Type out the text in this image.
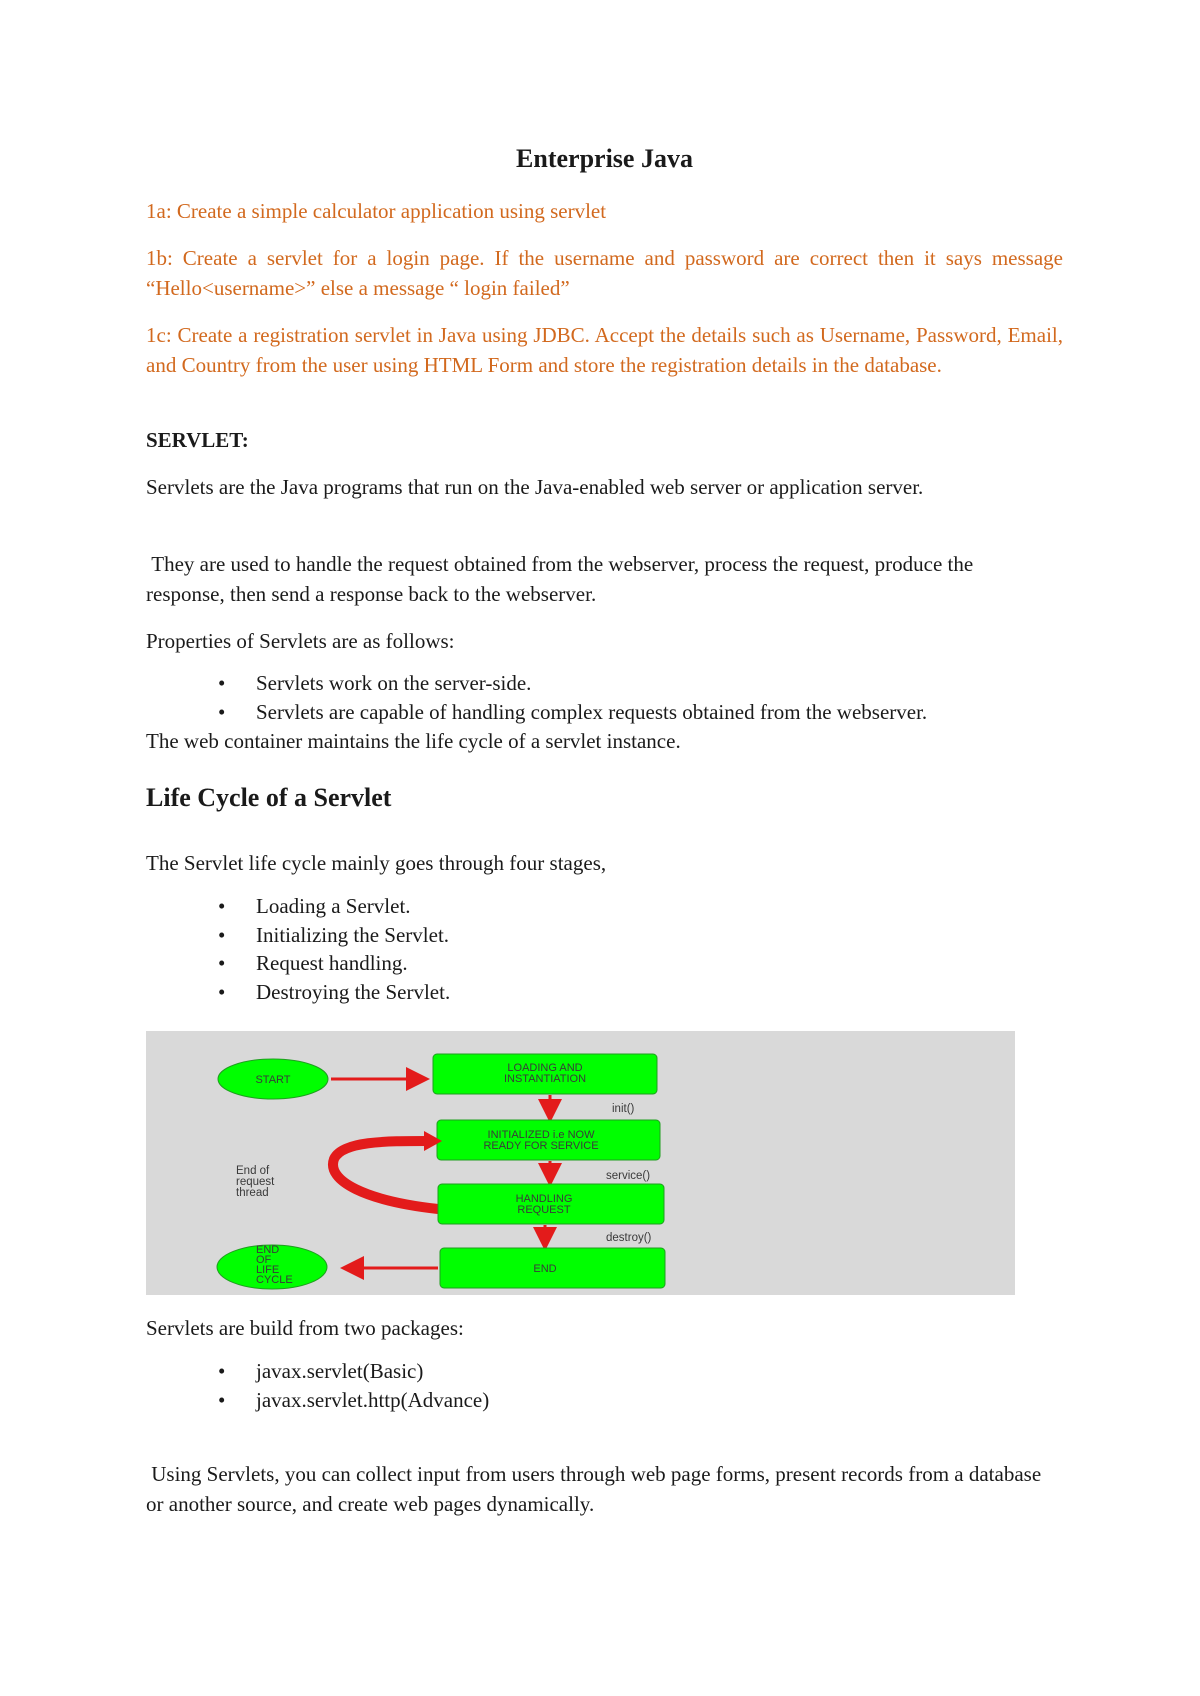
Enterprise Java
1a: Create a simple calculator application using servlet
1b: Create a servlet for a login page. If the username and password are correct then it says message “Hello<username>” else a message “ login failed”
1c: Create a registration servlet in Java using JDBC. Accept the details such as Username, Password, Email, and Country from the user using HTML Form and store the registration details in the database.
SERVLET:
Servlets are the Java programs that run on the Java-enabled web server or application server.
They are used to handle the request obtained from the webserver, process the request, produce the response, then send a response back to the webserver.
Properties of Servlets are as follows:
• Servlets work on the server-side.
• Servlets are capable of handling complex requests obtained from the webserver.
The web container maintains the life cycle of a servlet instance.
Life Cycle of a Servlet
The Servlet life cycle mainly goes through four stages,
• Loading a Servlet.
• Initializing the Servlet.
• Request handling.
• Destroying the Servlet.
Servlets are build from two packages:
• javax.servlet(Basic)
• javax.servlet.http(Advance)
Using Servlets, you can collect input from users through web page forms, present records from a database or another source, and create web pages dynamically.
START
LOADING AND
INSTANTIATION
init()
INITIALIZED i.e NOW
READY FOR SERVICE
End of
request
thread
service()
HANDLING
REQUEST
destroy()
END
END
OF
LIFE
CYCLE
